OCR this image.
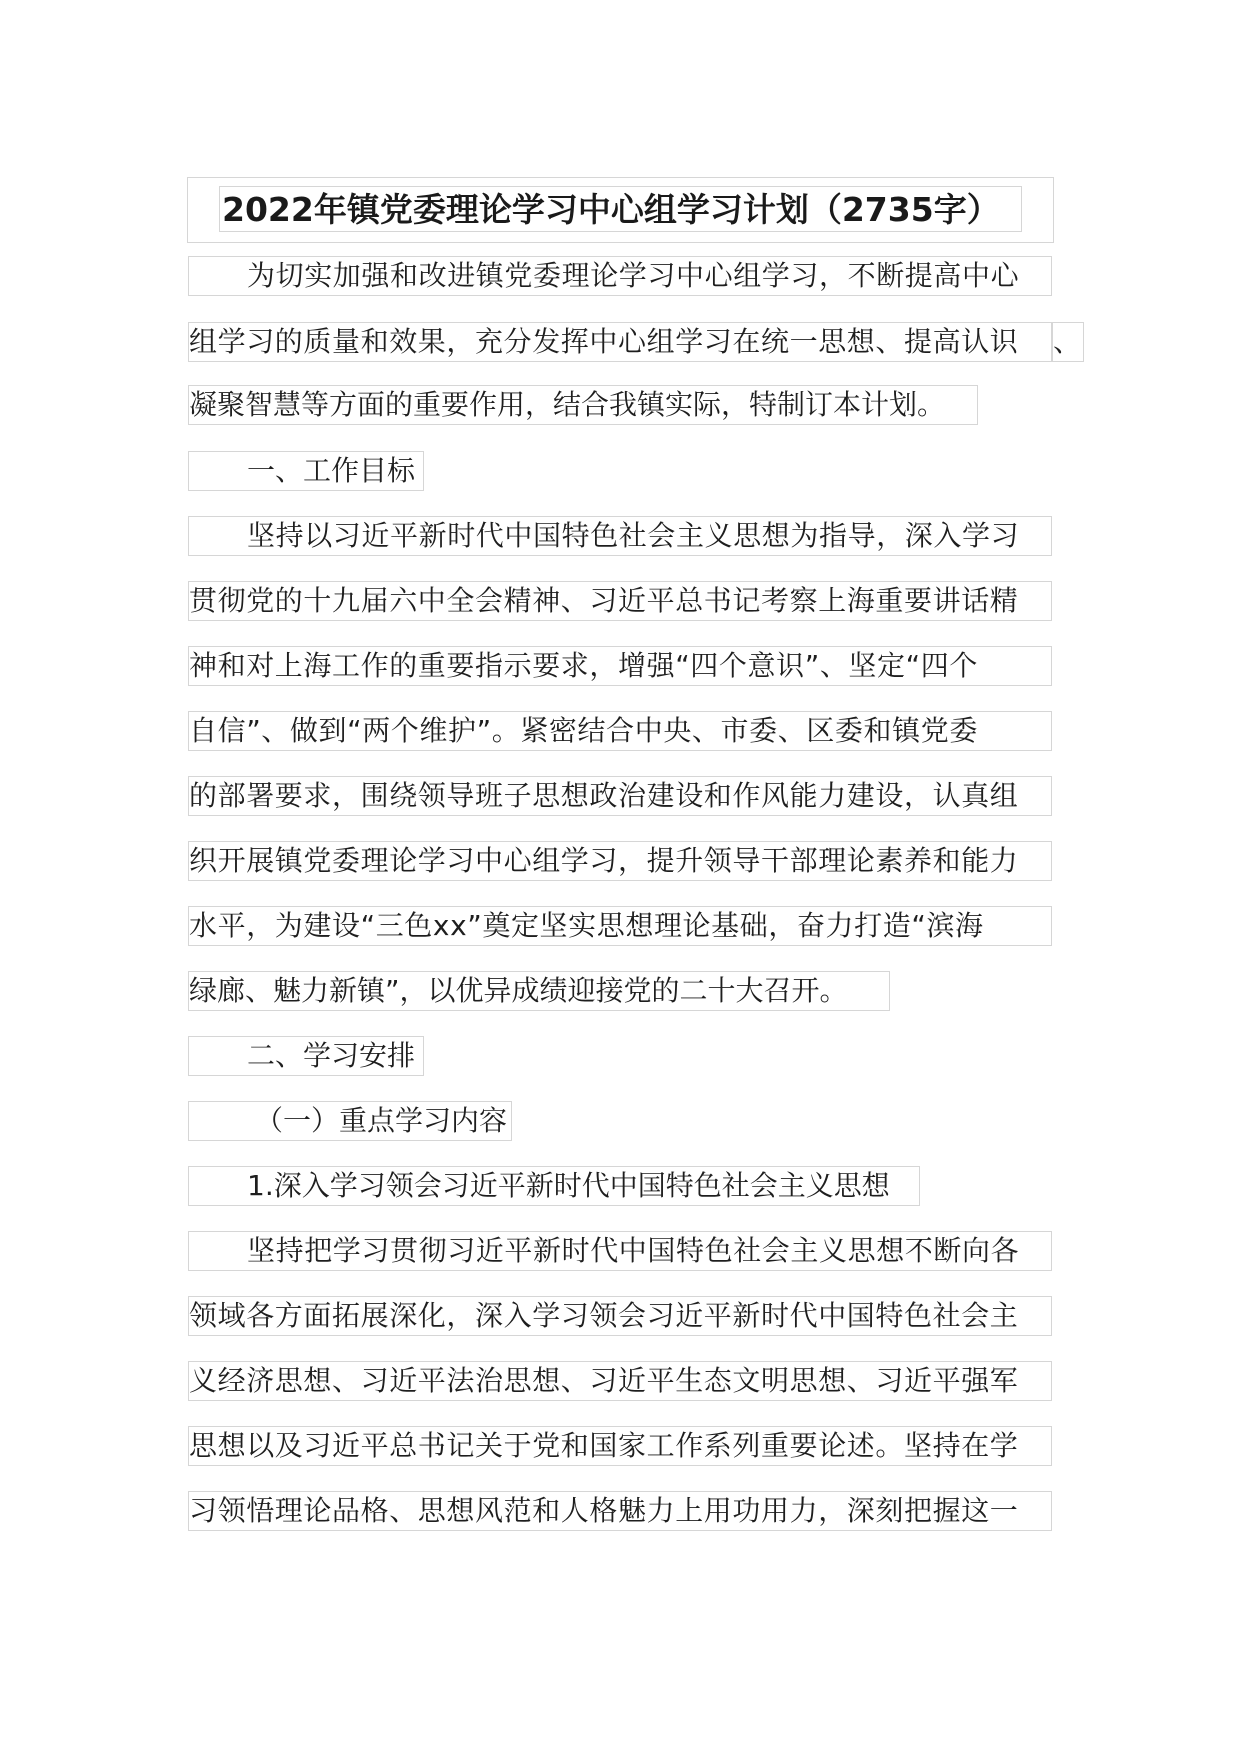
2022年镇党委理论学习中心组学习计划（2735字）
为切实加强和改进镇党委理论学习中心组学习，不断提高中心
组学习的质量和效果，充分发挥中心组学习在统一思想、提高认识	、
凝聚智慧等方面的重要作用，结合我镇实际，特制订本计划。
一、工作目标
坚持以习近平新时代中国特色社会主义思想为指导，深入学习
贯彻党的十九届六中全会精神、习近平总书记考察上海重要讲话精
神和对上海工作的重要指示要求，增强“四个意识”、坚定“四个
自信”、做到“两个维护”。紧密结合中央、市委、区委和镇党委
的部署要求，围绕领导班子思想政治建设和作风能力建设，认真组
织开展镇党委理论学习中心组学习，提升领导干部理论素养和能力
水平，为建设“三色xx”奠定坚实思想理论基础，奋力打造“滨海
绿廊、魅力新镇”，以优异成绩迎接党的二十大召开。
二、学习安排
（一）重点学习内容
1.深入学习领会习近平新时代中国特色社会主义思想
坚持把学习贯彻习近平新时代中国特色社会主义思想不断向各
领域各方面拓展深化，深入学习领会习近平新时代中国特色社会主
义经济思想、习近平法治思想、习近平生态文明思想、习近平强军
思想以及习近平总书记关于党和国家工作系列重要论述。坚持在学
习领悟理论品格、思想风范和人格魅力上用功用力，深刻把握这一
